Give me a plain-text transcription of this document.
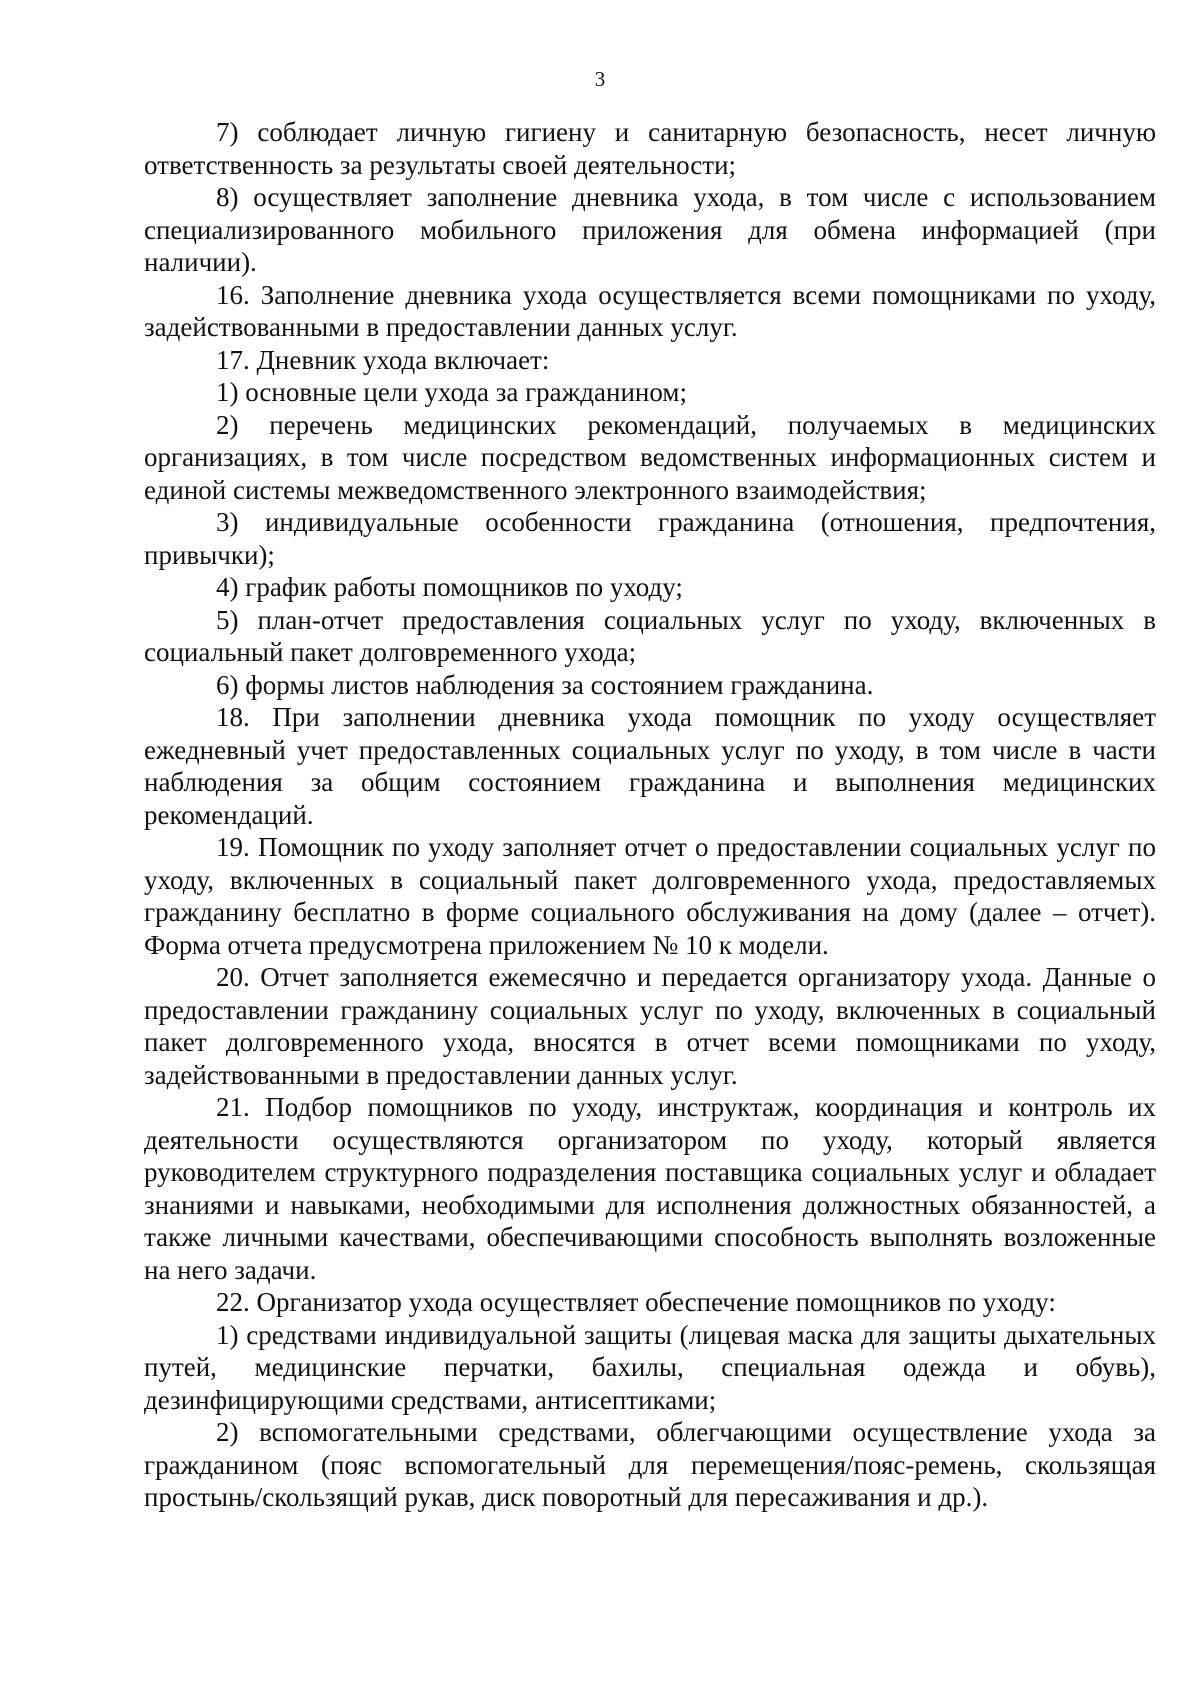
3

7) соблюдает личную гигиену и санитарную безопасность, несет личную ответственность за результаты своей деятельности;

8) осуществляет заполнение дневника ухода, в том числе с использованием специализированного мобильного приложения для обмена информацией (при наличии).

16. Заполнение дневника ухода осуществляется всеми помощниками по уходу, задействованными в предоставлении данных услуг.

17. Дневник ухода включает:

1) основные цели ухода за гражданином;

2) перечень медицинских рекомендаций, получаемых в медицинских организациях, в том числе посредством ведомственных информационных систем и единой системы межведомственного электронного взаимодействия;

3) индивидуальные особенности гражданина (отношения, предпочтения, привычки);

4) график работы помощников по уходу;

5) план-отчет предоставления социальных услуг по уходу, включенных в социальный пакет долговременного ухода;

6) формы листов наблюдения за состоянием гражданина.

18. При заполнении дневника ухода помощник по уходу осуществляет ежедневный учет предоставленных социальных услуг по уходу, в том числе в части наблюдения за общим состоянием гражданина и выполнения медицинских рекомендаций.

19. Помощник по уходу заполняет отчет о предоставлении социальных услуг по уходу, включенных в социальный пакет долговременного ухода, предоставляемых гражданину бесплатно в форме социального обслуживания на дому (далее – отчет). Форма отчета предусмотрена приложением № 10 к модели.

20. Отчет заполняется ежемесячно и передается организатору ухода. Данные о предоставлении гражданину социальных услуг по уходу, включенных в социальный пакет долговременного ухода, вносятся в отчет всеми помощниками по уходу, задействованными в предоставлении данных услуг.

21. Подбор помощников по уходу, инструктаж, координация и контроль их деятельности осуществляются организатором по уходу, который является руководителем структурного подразделения поставщика социальных услуг и обладает знаниями и навыками, необходимыми для исполнения должностных обязанностей, а также личными качествами, обеспечивающими способность выполнять возложенные на него задачи.

22. Организатор ухода осуществляет обеспечение помощников по уходу:

1) средствами индивидуальной защиты (лицевая маска для защиты дыхательных путей, медицинские перчатки, бахилы, специальная одежда и обувь), дезинфицирующими средствами, антисептиками;

2) вспомогательными средствами, облегчающими осуществление ухода за гражданином (пояс вспомогательный для перемещения/пояс-ремень, скользящая простынь/скользящий рукав, диск поворотный для пересаживания и др.).
